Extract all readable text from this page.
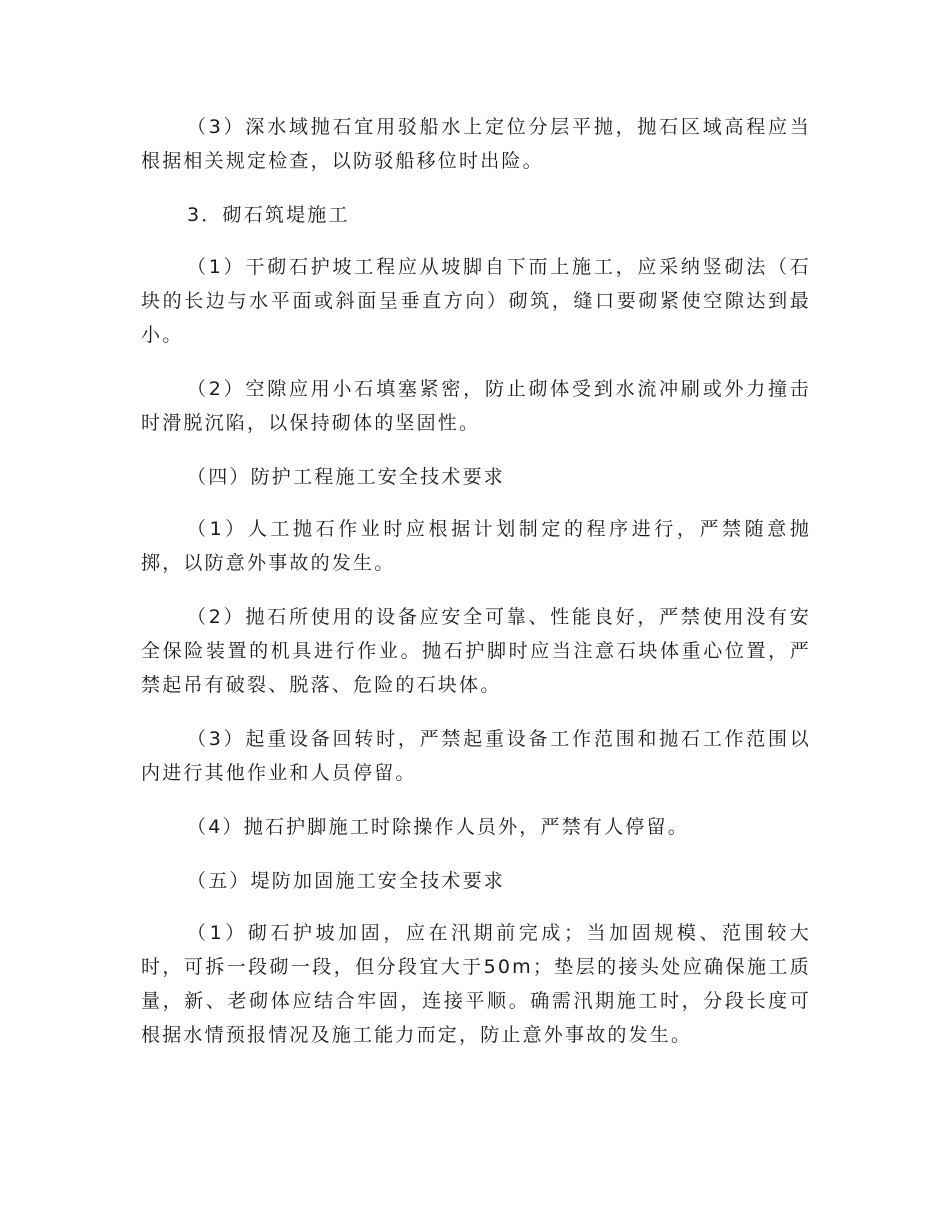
（3）深水域抛石宜用驳船水上定位分层平抛，抛石区域高程应当根据相关规定检查，以防驳船移位时出险。

3．砌石筑堤施工

（1）干砌石护坡工程应从坡脚自下而上施工，应采纳竖砌法（石块的长边与水平面或斜面呈垂直方向）砌筑，缝口要砌紧使空隙达到最小。

（2）空隙应用小石填塞紧密，防止砌体受到水流冲刷或外力撞击时滑脱沉陷，以保持砌体的坚固性。

（四）防护工程施工安全技术要求

（1）人工抛石作业时应根据计划制定的程序进行，严禁随意抛掷，以防意外事故的发生。

（2）抛石所使用的设备应安全可靠、性能良好，严禁使用没有安全保险装置的机具进行作业。抛石护脚时应当注意石块体重心位置，严禁起吊有破裂、脱落、危险的石块体。

（3）起重设备回转时，严禁起重设备工作范围和抛石工作范围以内进行其他作业和人员停留。

（4）抛石护脚施工时除操作人员外，严禁有人停留。

（五）堤防加固施工安全技术要求

（1）砌石护坡加固，应在汛期前完成；当加固规模、范围较大时，可拆一段砌一段，但分段宜大于50m；垫层的接头处应确保施工质量，新、老砌体应结合牢固，连接平顺。确需汛期施工时，分段长度可根据水情预报情况及施工能力而定，防止意外事故的发生。
